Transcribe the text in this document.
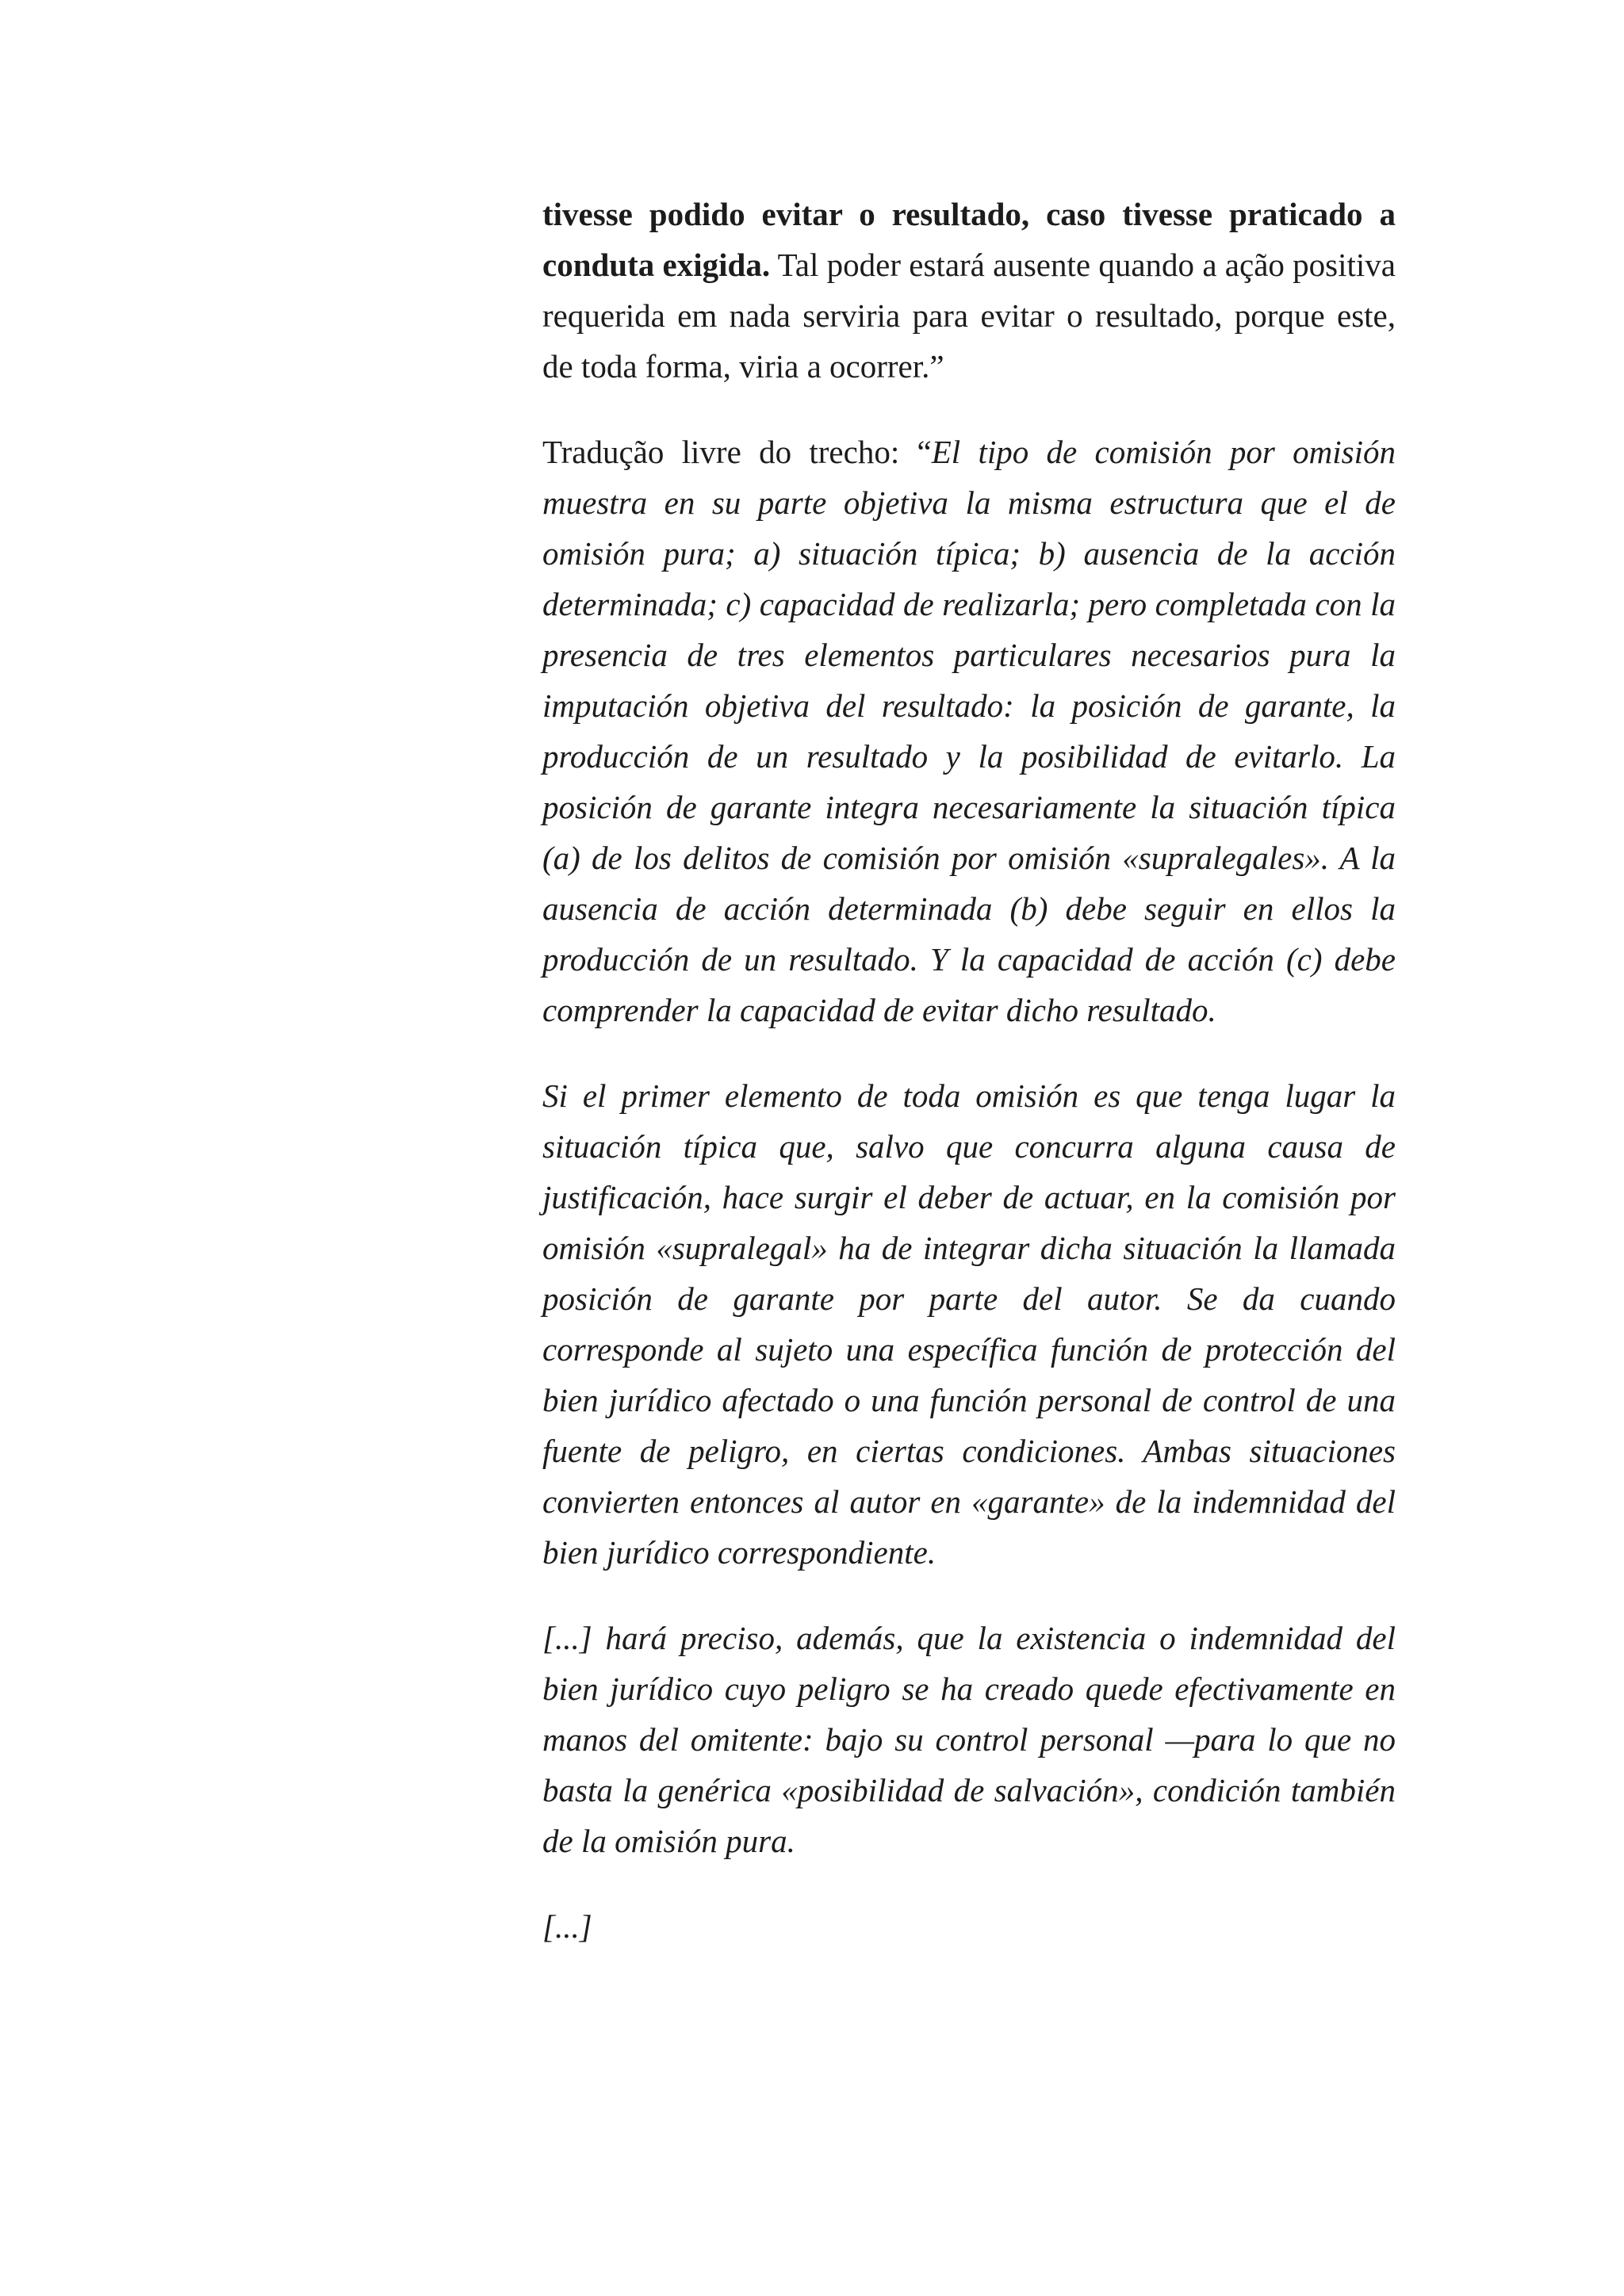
tivesse podido evitar o resultado, caso tivesse praticado a conduta exigida. Tal poder estará ausente quando a ação positiva requerida em nada serviria para evitar o resultado, porque este, de toda forma, viria a ocorrer.”

Tradução livre do trecho: “El tipo de comisión por omisión muestra en su parte objetiva la misma estructura que el de omisión pura; a) situación típica; b) ausencia de la acción determinada; c) capacidad de realizarla; pero completada con la presencia de tres elementos particulares necesarios pura la imputación objetiva del resultado: la posición de garante, la producción de un resultado y la posibilidad de evitarlo. La posición de garante integra necesariamente la situación típica (a) de los delitos de comisión por omisión «supralegales». A la ausencia de acción determinada (b) debe seguir en ellos la producción de un resultado. Y la capacidad de acción (c) debe comprender la capacidad de evitar dicho resultado.

Si el primer elemento de toda omisión es que tenga lugar la situación típica que, salvo que concurra alguna causa de justificación, hace surgir el deber de actuar, en la comisión por omisión «supralegal» ha de integrar dicha situación la llamada posición de garante por parte del autor. Se da cuando corresponde al sujeto una específica función de protección del bien jurídico afectado o una función personal de control de una fuente de peligro, en ciertas condiciones. Ambas situaciones convierten entonces al autor en «garante» de la indemnidad del bien jurídico correspondiente.

[...] hará preciso, además, que la existencia o indemnidad del bien jurídico cuyo peligro se ha creado quede efectivamente en manos del omitente: bajo su control personal —para lo que no basta la genérica «posibilidad de salvación», condición también de la omisión pura.

[...]
